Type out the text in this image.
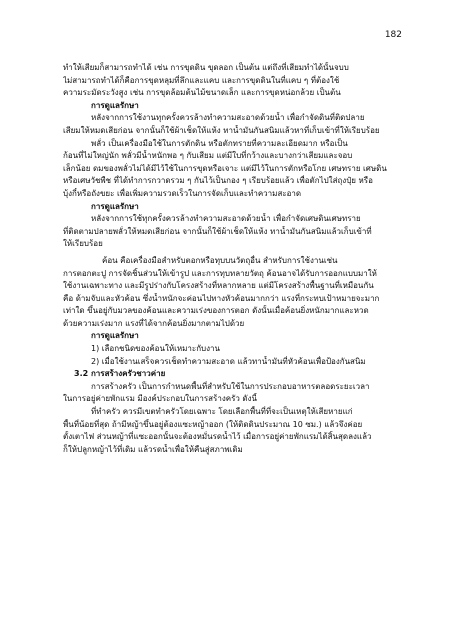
182
ทำให้เสียมก็สามารถทำได้ เช่น การขุดดิน ขุดลอก เป็นต้น แต่ถึงที่เสียมทำได้นั้นจบบ
ไม่สามารถทำได้ก็คือการขุดหลุมที่ลึกและแคบ และการขุดดินในที่แคบ ๆ ที่ต้องใช้
ความระมัดระวังสูง เช่น การขุดล้อมต้นไม้ขนาดเล็ก และการขุดหน่อกล้วย เป็นต้น
การดูแลรักษา
หลังจากการใช้งานทุกครั้งควรล้างทำความสะอาดด้วยน้ำ เพื่อกำจัดดินที่ติดปลาย
เสียมให้หมดเสียก่อน จากนั้นก็ใช้ผ้าเช็ดให้แห้ง ทาน้ำมันกันสนิมแล้วหาที่เก็บเข้าที่ให้เรียบร้อย
พลั่ว เป็นเครื่องมือใช้ในการตักดิน หรือตักทรายที่ความละเอียดมาก หรือเป็น
ก้อนที่ไม่ใหญ่นัก พลั่วมีน้ำหนักพอ ๆ กับเสียม แต่มีใบที่กว้างและบางกว่าเสียมและจอบ
เล็กน้อย ดมของพลั่วไม่ได้มีไว้ใช้ในการขุดหรือเจาะ แต่มีไว้ในการตักหรือโกย เศษทราย เศษดิน
หรือเศษวัชพืช ที่ได้ทำการกวาดรวม ๆ กันไว้เป็นกอง ๆ เรียบร้อยแล้ว เพื่อตักไปใส่ถุงปุ๋ย หรือ
บุ้งกี๋หรือถังขยะ เพื่อเพิ่มความรวดเร็วในการจัดเก็บและทำความสะอาด
การดูแลรักษา
หลังจากการใช้ทุกครั้งควรล้างทำความสะอาดด้วยน้ำ เพื่อกำจัดเศษดินเศษทราย
ที่ติดตามปลายพลั่วให้หมดเสียก่อน จากนั้นก็ใช้ผ้าเช็ดให้แห้ง ทาน้ำมันกันสนิมแล้วเก็บเข้าที่
ให้เรียบร้อย
ค้อน คือเครื่องมือสำหรับตอกหรือทุบบนวัตถุอื่น สำหรับการใช้งานเช่น
การตอกตะปู การจัดชิ้นส่วนให้เข้ารูป และการทุบทลายวัตถุ ค้อนอาจได้รับการออกแบบมาให้
ใช้งานเฉพาะทาง และมีรูปร่างกับโครงสร้างที่หลากหลาย แต่มีโครงสร้างพื้นฐานที่เหมือนกัน
คือ ด้ามจับและหัวค้อน ซึ่งน้ำหนักจะค่อนไปทางหัวค้อนมากกว่า แรงที่กระทบเป้าหมายจะมาก
เท่าใด ขึ้นอยู่กับมวลของค้อนและความเร่งของการตอก ดังนั้นเมื่อค้อนยิ่งหนักมากและหวด
ด้วยความเร่งมาก แรงที่ได้จากค้อนยิ่งมากตามไปด้วย
การดูแลรักษา
1) เลือกชนิดของค้อนให้เหมาะกับงาน
2) เมื่อใช้งานเสร็จควรเช็ดทำความสะอาด แล้วทาน้ำมันที่หัวค้อนเพื่อป้องกันสนิม
3.2 การสร้างครัวชาวค่าย
การสร้างครัว เป็นการกำหนดพื้นที่สำหรับใช้ในการประกอบอาหารตลอดระยะเวลา
ในการอยู่ค่ายพักแรม มีองค์ประกอบในการสร้างครัว ดังนี้
ที่ทำครัว ควรมีเขตทำครัวโดยเฉพาะ โดยเลือกพื้นที่ที่จะเป็นเหตุให้เสียหายแก่
พื้นที่น้อยที่สุด ถ้ามีหญ้าขึ้นอยู่ต้องแซะหญ้าออก (ให้ติดดินประมาณ 10 ซม.) แล้วจึงค่อย
ตั้งเตาไฟ ส่วนหญ้าที่แซะออกนั้นจะต้องหมั่นรดน้ำไว้ เมื่อการอยู่ค่ายพักแรมได้สิ้นสุดลงแล้ว
ก็ให้ปลูกหญ้าไว้ที่เดิม แล้วรดน้ำเพื่อให้คืนสู่สภาพเดิม
